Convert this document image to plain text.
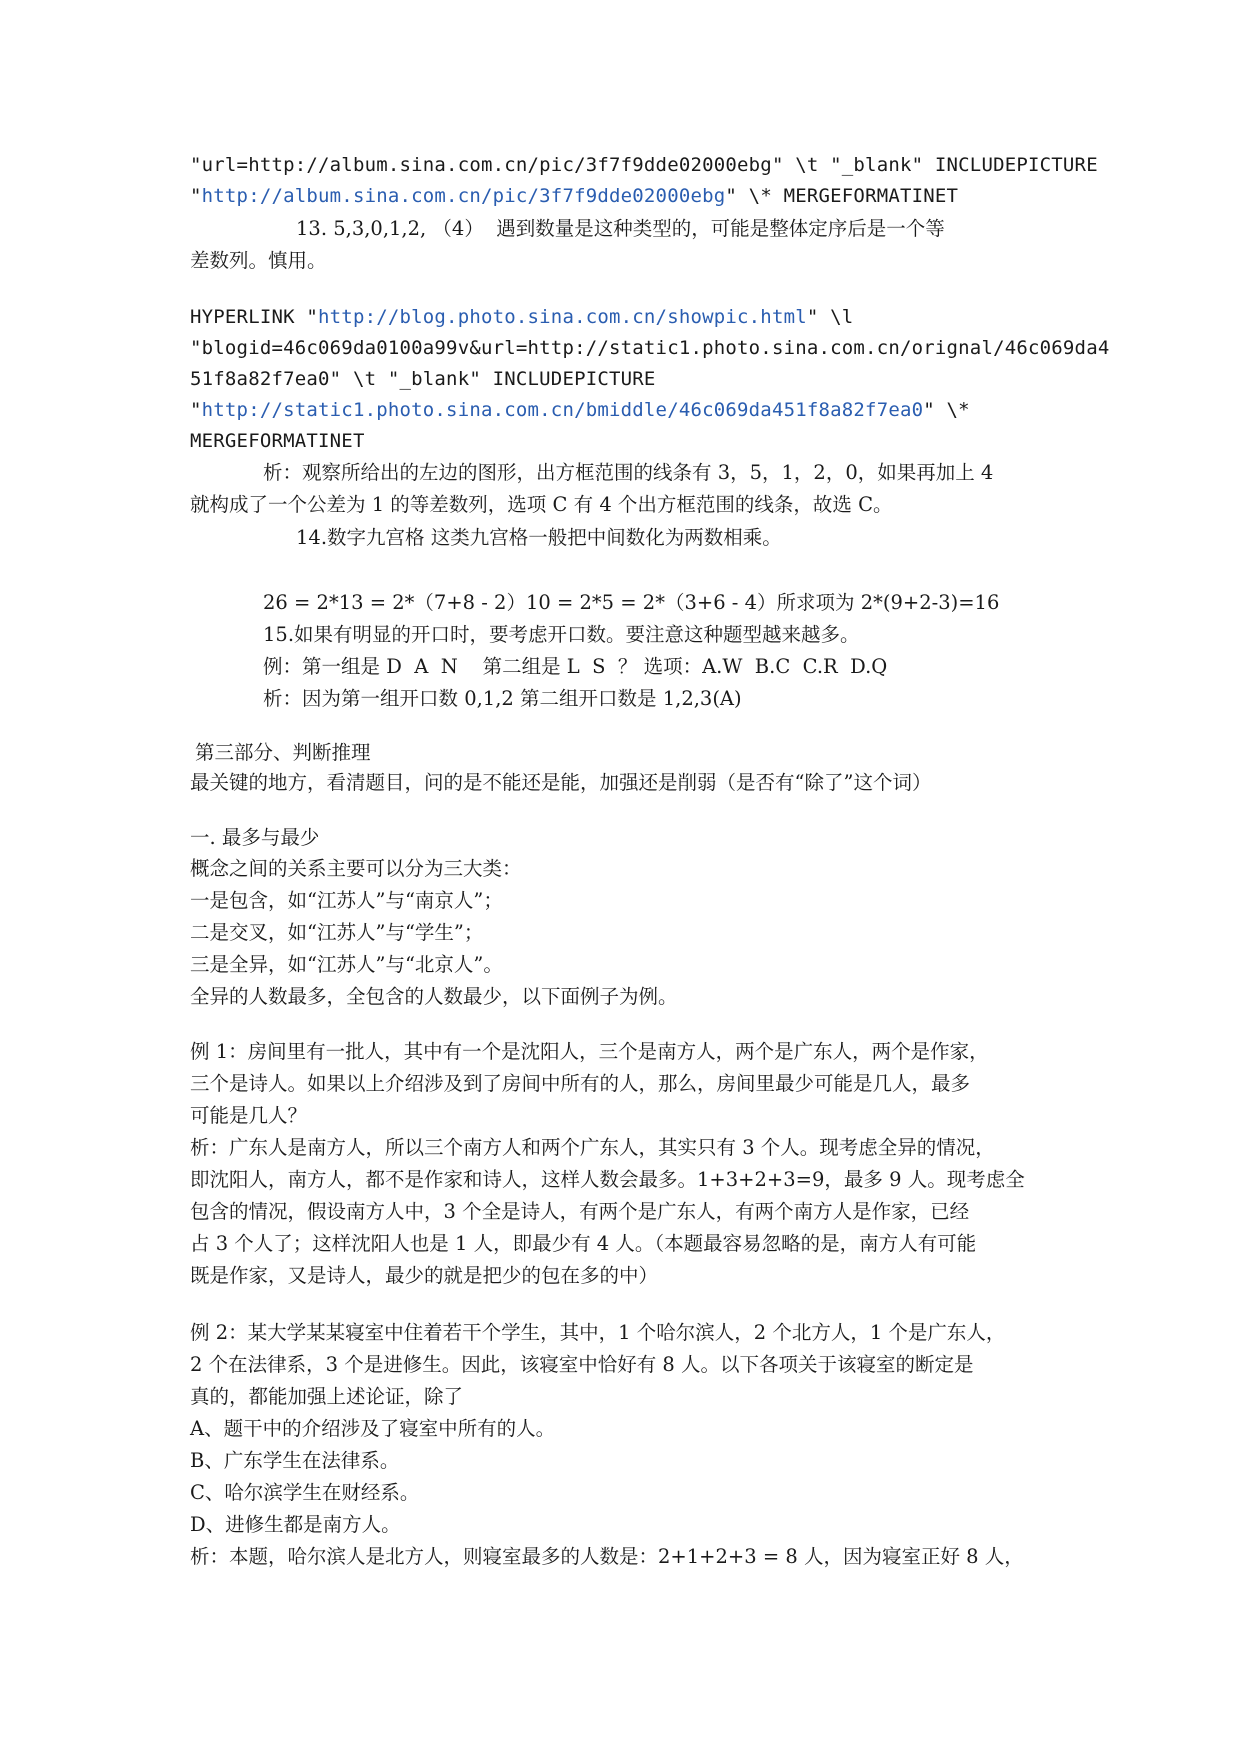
"url=http://album.sina.com.cn/pic/3f7f9dde02000ebg" \t "_blank" INCLUDEPICTURE
"http://album.sina.com.cn/pic/3f7f9dde02000ebg" \* MERGEFORMATINET
13. 5,3,0,1,2, （4）  遇到数量是这种类型的，可能是整体定序后是一个等
差数列。慎用。
HYPERLINK "http://blog.photo.sina.com.cn/showpic.html" \l
"blogid=46c069da0100a99v&url=http://static1.photo.sina.com.cn/orignal/46c069da4
51f8a82f7ea0" \t "_blank" INCLUDEPICTURE
"http://static1.photo.sina.com.cn/bmiddle/46c069da451f8a82f7ea0" \*
MERGEFORMATINET
析：观察所给出的左边的图形，出方框范围的线条有 3，5，1，2，0，如果再加上 4
就构成了一个公差为 1 的等差数列，选项 C 有 4 个出方框范围的线条，故选 C。
14.数字九宫格 这类九宫格一般把中间数化为两数相乘。
26 = 2*13 = 2*（7+8 - 2）10 = 2*5 = 2*（3+6 - 4）所求项为 2*(9+2-3)=16
15.如果有明显的开口时，要考虑开口数。要注意这种题型越来越多。
例：第一组是 D  A  N    第二组是 L  S  ？ 选项：A.W  B.C  C.R  D.Q
析：因为第一组开口数 0,1,2 第二组开口数是 1,2,3(A)
第三部分、判断推理
最关键的地方，看清题目，问的是不能还是能，加强还是削弱（是否有“除了”这个词）
一. 最多与最少
概念之间的关系主要可以分为三大类：
一是包含，如“江苏人”与“南京人”；
二是交叉，如“江苏人”与“学生”；
三是全异，如“江苏人”与“北京人”。
全异的人数最多，全包含的人数最少，以下面例子为例。
例 1：房间里有一批人，其中有一个是沈阳人，三个是南方人，两个是广东人，两个是作家，
三个是诗人。如果以上介绍涉及到了房间中所有的人，那么，房间里最少可能是几人，最多
可能是几人？
析：广东人是南方人，所以三个南方人和两个广东人，其实只有 3 个人。现考虑全异的情况，
即沈阳人，南方人，都不是作家和诗人，这样人数会最多。1+3+2+3=9，最多 9 人。现考虑全
包含的情况，假设南方人中，3 个全是诗人，有两个是广东人，有两个南方人是作家，已经
占 3 个人了；这样沈阳人也是 1 人，即最少有 4 人。（本题最容易忽略的是，南方人有可能
既是作家，又是诗人，最少的就是把少的包在多的中）
例 2：某大学某某寝室中住着若干个学生，其中，1 个哈尔滨人，2 个北方人，1 个是广东人，
2 个在法律系，3 个是进修生。因此，该寝室中恰好有 8 人。以下各项关于该寝室的断定是
真的，都能加强上述论证，除了
A、题干中的介绍涉及了寝室中所有的人。
B、广东学生在法律系。
C、哈尔滨学生在财经系。
D、进修生都是南方人。
析：本题，哈尔滨人是北方人，则寝室最多的人数是：2+1+2+3 = 8 人，因为寝室正好 8 人，
